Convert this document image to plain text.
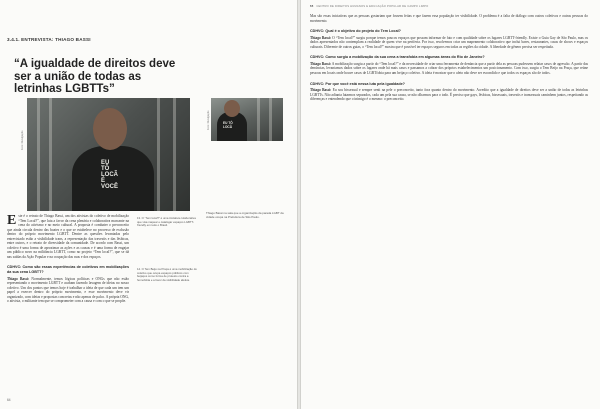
3.4.1. ENTREVISTA: THIAGO BASSI
“A igualdade de direitos deve ser a união de todas as letrinhas LGBTTs”
EU
TÔ
LOCÃ
É
VOCÊ
Foto: Divulgação
EU TÔ
LOCÃ
Foto: Divulgação

Thiago Bassi na sala que a organização da parada LGBT da cidade ocupa na Prefeitura de São Paulo.

E ste é o retrato de Thiago Bassi, um dos ativistas do coletivo de mobilização “Tem Local?”, que luta a favor da cena plenária e colaborativa marcante na cena do ativismo e no meio cultural. A proposta é combater o preconceito que ainda circula dentro das boates e o que se estabelece no processo de exclusão dentro do próprio movimento LGBTT. Dentre as questões levantadas pelo entrevistado estão a visibilidade trans, a representação das travestis e das lésbicas, entre outros, e o retrato de diversidade da comunidade. De acordo com Bassi, um coletivo é uma forma de aproximar as ações e as causas e é uma forma de engajar um público novo na militância LGBTT, como no projeto “Tem local?”, que se dá nas saídas da Ação Popular e na ocupação das ruas e dos espaços.
CDHVC: Como são essas experiências de coletivos em mobilizações da sua cena LGBTT?

Thiago Bassi: Normalmente, temos lógicas políticas e ONGs que não estão representando o movimento LGBTT e acabam fazendo lavagem de ideias no nosso coletivo. Um dos pontos que temos hoje é trabalhar a ideia de que cada um tem um papel a exercer dentro do próprio movimento, e esse movimento deve vir organizado, com ideias e propostas concretas e não apenas de palco. A própria ONG, o ativista, o militante tem que se comprometer com a causa e com o que se propõe.

13. O “Tem local?” é uma iniciativa colaborativa que visa mapear e catalogar espaços LGBTT-friendly em todo o Brasil.

14. O Tem Beijo na Praça é uma mobilização do coletivo que ocupa espaços públicos com beijaços como forma de protesto contra a homofobia e a favor da visibilidade afetiva.

64
65 CENTRO DE DIREITOS HUMANOS E EDUCAÇÃO POPULAR DE CAMPO LIMPO

Mas são essas iniciativas que as pessoas gostariam que fossem feitas e que fazem essa população ter visibilidade. O problema é a falta de diálogo com outros coletivos e outras pessoas do movimento.

CDHVC: Qual é o objetivo do projeto do Tem Local?

Thiago Bassi: O “Tem local?” surgiu porque temos poucos espaços que possam informar de fato e com qualidade sobre os lugares LGBTT-friendly. Existe o Guia Gay de São Paulo, mas os dados apresentados não contemplam a realidade de quem vive na periferia. Por isso, resolvemos criar um mapeamento colaborativo que inclui bares, restaurantes, casas de shows e espaços culturais. Diferente de outros guias, o “Tem local?” mostra que é possível ter espaços seguros em todas as regiões da cidade. A liberdade de gênero precisa ser respeitada.

CDHVC: Como surgiu a mobilização da sua cena a transfobia em algumas áreas do Rio de Janeiro?

Thiago Bassi: A mobilização surgiu a partir do “Tem local?” e da necessidade de criar uma ferramenta de denúncia que a partir dela as pessoas pudessem relatar casos de agressão. A partir das denúncias, levantamos dados sobre os lugares onde há mais casos e passamos a cobrar dos próprios estabelecimentos um posicionamento. Com isso, surgiu o Tem Beijo na Praça, que reúne pessoas em locais onde houve casos de LGBTfobia para um beijaço coletivo. A ideia é mostrar que o afeto não deve ser escondido e que todos os espaços são de todos.

CDHVC: Por que você está nessa luta pela igualdade?

Thiago Bassi: Eu sou bissexual e sempre senti na pele o preconceito, tanto fora quanto dentro do movimento. Acredito que a igualdade de direitos deve ser a união de todas as letrinhas LGBTTs. Não adianta lutarmos separados, cada um pela sua causa, se não olharmos para o todo. É preciso que gays, lésbicas, bissexuais, travestis e transexuais caminhem juntos, respeitando as diferenças e entendendo que o inimigo é o mesmo: o preconceito.
